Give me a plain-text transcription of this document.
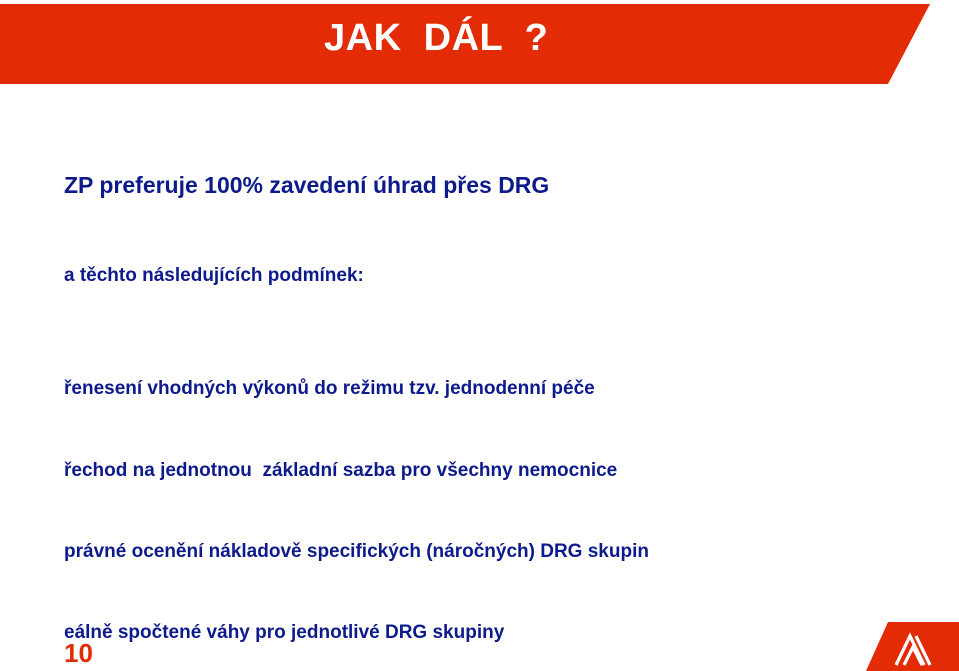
JAK  DÁL  ?
ZP preferuje 100% zavedení úhrad přes DRG
a těchto následujících podmínek:
řenesení vhodných výkonů do režimu tzv. jednodenní péče
řechod na jednotnou  základní sazba pro všechny nemocnice
právné ocenění nákladově specifických (náročných) DRG skupin
eálně spočtené váhy pro jednotlivé DRG skupiny
10
